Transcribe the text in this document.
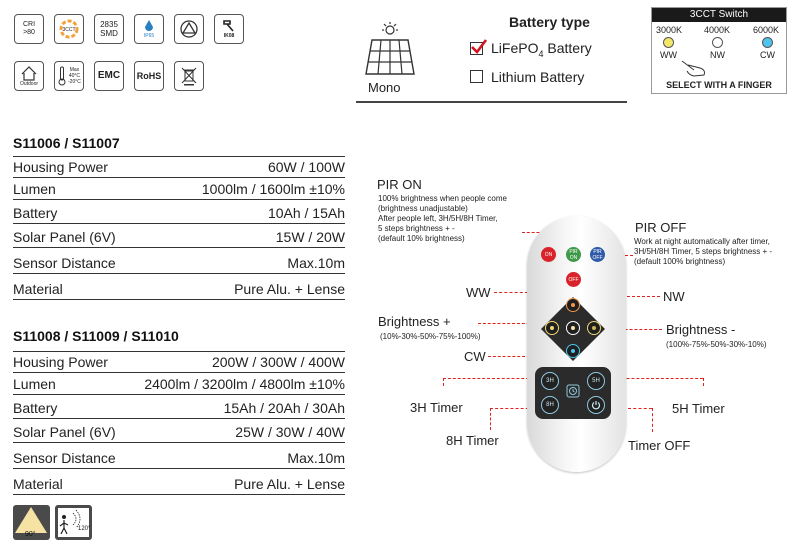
CRI
>80	3CCT
2835
SMD	IP65	IK08
Outdoor
Max
40°C
-20°C
EMC RoHS
Mono
Battery type
LiFePO$_4$ Battery
Lithium Battery
3CCT Switch
3000K 4000K	6000K
WW	NW	CW
SELECT WITH A FINGER
S11006 / S11007
Housing Power	60W / 100W
Lumen	1000lm / 1600lm ±10%
Battery	10Ah / 15Ah
Solar Panel (6V)	15W / 20W
Sensor Distance	Max.10m
Material	Pure Alu. + Lense
S11008 / S11009 / S11010
Housing Power	200W / 300W / 400W
Lumen	2400lm / 3200lm / 4800lm ±10%
Battery	15Ah / 20Ah / 30Ah
Solar Panel (6V)	25W / 30W / 40W
Sensor Distance	Max.10m
Material	Pure Alu. + Lense
90°
120°
PIR ON
100% brightness when people come
(brightness unadjustable)
After people left, 3H/5H/8H Timer,
5 steps brightness + -
(default 10% brightness)
PIR OFF
Work at night automatically after timer,
3H/5H/8H Timer, 5 steps brightness + -
(default 100% brightness)
WW	NW
Brightness +
(10%-30%-50%-75%-100%)	Brightness -
(100%-75%-50%-30%-10%)
CW
3H Timer	5H Timer
8H Timer	Timer OFF
ON	PIR
ON
PIR
OFF
OFF
3H	5H
8H
